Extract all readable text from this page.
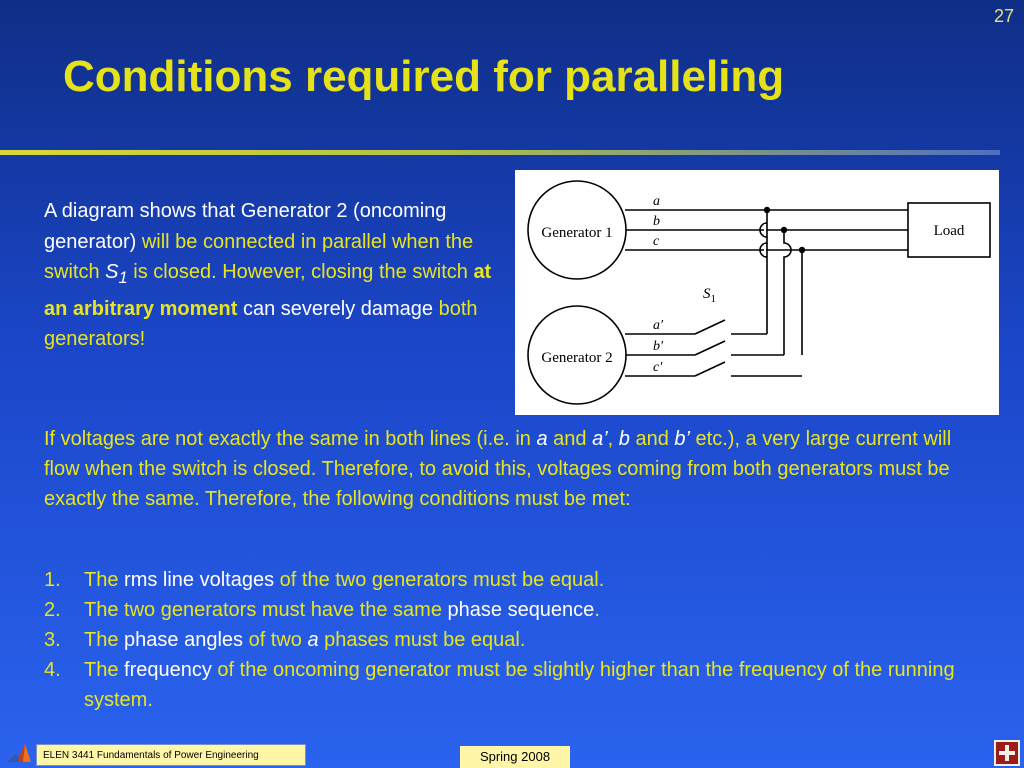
27
Conditions required for paralleling

A diagram shows that Generator 2 (oncoming generator) will be connected in parallel when the switch $S_1$ is closed. However, closing the switch at an arbitrary moment can severely damage both generators!

Generator 1
Generator 2
Load
a
b
c
a′
b′
c′
$S_1$

If voltages are not exactly the same in both lines (i.e. in a and a’, b and b’ etc.), a very large current will flow when the switch is closed. Therefore, to avoid this, voltages coming from both generators must be exactly the same. Therefore, the following conditions must be met:

1. The rms line voltages of the two generators must be equal.
2. The two generators must have the same phase sequence.
3. The phase angles of two a phases must be equal.
4. The frequency of the oncoming generator must be slightly higher than the frequency of the running system.
ELEN 3441 Fundamentals of Power Engineering	Spring 2008
